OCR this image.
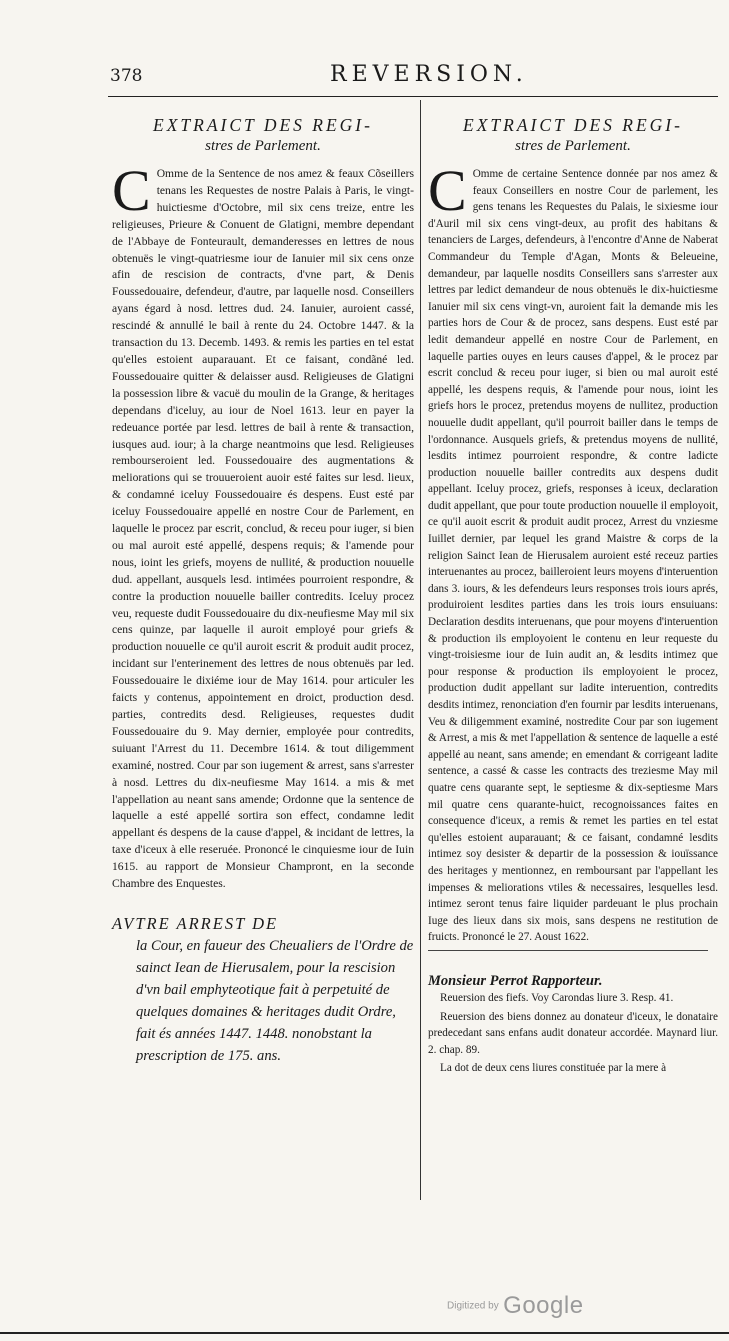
378	REVERSION.
EXTRAICT DES REGI-
stres de Parlement.
C Omme de la Sentence de nos amez & feaux Cõseillers tenans les Requestes de nostre Palais à Paris, le vingt-huictiesme d'Octobre, mil six cens treize, entre les religieuses, Prieure & Conuent de Glatigni, membre dependant de l'Abbaye de Fonteurault, demanderesses en lettres de nous obtenuës le vingt-quatriesme iour de Ianuier mil six cens onze afin de rescision de contracts, d'vne part, & Denis Foussedouaire, defendeur, d'autre, par laquelle nosd. Conseillers ayans égard à nosd. lettres dud. 24. Ianuier, auroient cassé, rescindé & annullé le bail à rente du 24. Octobre 1447. & la transaction du 13. Decemb. 1493. & remis les parties en tel estat qu'elles estoient auparauant. Et ce faisant, condãné led. Foussedouaire quitter & delaisser ausd. Religieuses de Glatigni la possession libre & vacuë du moulin de la Grange, & heritages dependans d'iceluy, au iour de Noel 1613. leur en payer la redeuance portée par lesd. lettres de bail à rente & transaction, iusques aud. iour; à la charge neantmoins que lesd. Religieuses rembourseroient led. Foussedouaire des augmentations & meliorations qui se trouueroient auoir esté faites sur lesd. lieux, & condamné iceluy Foussedouaire és despens. Eust esté par iceluy Foussedouaire appellé en nostre Cour de Parlement, en laquelle le procez par escrit, conclud, & receu pour iuger, si bien ou mal auroit esté appellé, despens requis; & l'amende pour nous, ioint les griefs, moyens de nullité, & production nouuelle dud. appellant, ausquels lesd. intimées pourroient respondre, & contre la production nouuelle bailler contredits. Iceluy procez veu, requeste dudit Foussedouaire du dix-neufiesme May mil six cens quinze, par laquelle il auroit employé pour griefs & production nouuelle ce qu'il auroit escrit & produit audit procez, incidant sur l'enterinement des lettres de nous obtenuës par led. Foussedouaire le dixiéme iour de May 1614. pour articuler les faicts y contenus, appointement en droict, production desd. parties, contredits desd. Religieuses, requestes dudit Foussedouaire du 9. May dernier, employée pour contredits, suiuant l'Arrest du 11. Decembre 1614. & tout diligemment examiné, nostred. Cour par son iugement & arrest, sans s'arrester à nosd. Lettres du dix-neufiesme May 1614. a mis & met l'appellation au neant sans amende; Ordonne que la sentence de laquelle a esté appellé sortira son effect, condamne ledit appellant és despens de la cause d'appel, & incidant de lettres, la taxe d'iceux à elle reseruée. Prononcé le cinquiesme iour de Iuin 1615. au rapport de Monsieur Champront, en la seconde Chambre des Enquestes.

AVTRE ARREST DE
la Cour, en faueur des Cheualiers de l'Ordre de sainct Iean de Hierusalem, pour la rescision d'vn bail emphyteotique fait à perpetuité de quelques domaines & heritages dudit Ordre, fait és années 1447. 1448. nonobstant la prescription de 175. ans.
EXTRAICT DES REGI-
stres de Parlement.
C Omme de certaine Sentence donnée par nos amez & feaux Conseillers en nostre Cour de parlement, les gens tenans les Requestes du Palais, le sixiesme iour d'Auril mil six cens vingt-deux, au profit des habitans & tenanciers de Larges, defendeurs, à l'encontre d'Anne de Naberat Commandeur du Temple d'Agan, Monts & Beleueine, demandeur, par laquelle nosdits Conseillers sans s'arrester aux lettres par ledict demandeur de nous obtenuës le dix-huictiesme Ianuier mil six cens vingt-vn, auroient fait la demande mis les parties hors de Cour & de procez, sans despens. Eust esté par ledit demandeur appellé en nostre Cour de Parlement, en laquelle parties ouyes en leurs causes d'appel, & le procez par escrit conclud & receu pour iuger, si bien ou mal auroit esté appellé, les despens requis, & l'amende pour nous, ioint les griefs hors le procez, pretendus moyens de nullitez, production nouuelle dudit appellant, qu'il pourroit bailler dans le temps de l'ordonnance. Ausquels griefs, & pretendus moyens de nullité, lesdits intimez pourroient respondre, & contre ladicte production nouuelle bailler contredits aux despens dudit appellant. Iceluy procez, griefs, responses à iceux, declaration dudit appellant, que pour toute production nouuelle il employoit, ce qu'il auoit escrit & produit audit procez, Arrest du vnziesme Iuillet dernier, par lequel les grand Maistre & corps de la religion Sainct Iean de Hierusalem auroient esté receuz parties interuenantes au procez, bailleroient leurs moyens d'interuention dans 3. iours, & les defendeurs leurs responses trois iours aprés, produiroient lesdites parties dans les trois iours ensuiuans: Declaration desdits interuenans, que pour moyens d'interuention & production ils employoient le contenu en leur requeste du vingt-troisiesme iour de Iuin audit an, & lesdits intimez que pour response & production ils employoient le procez, production dudit appellant sur ladite interuention, contredits desdits intimez, renonciation d'en fournir par lesdits interuenans, Veu & diligemment examiné, nostredite Cour par son iugement & Arrest, a mis & met l'appellation & sentence de laquelle a esté appellé au neant, sans amende; en emendant & corrigeant ladite sentence, a cassé & casse les contracts des treziesme May mil quatre cens quarante sept, le septiesme & dix-septiesme Mars mil quatre cens quarante-huict, recognoissances faites en consequence d'iceux, a remis & remet les parties en tel estat qu'elles estoient auparauant; & ce faisant, condamné lesdits intimez soy desister & departir de la possession & iouïssance des heritages y mentionnez, en remboursant par l'appellant les impenses & meliorations vtiles & necessaires, lesquelles lesd. intimez seront tenus faire liquider pardeuant le plus prochain Iuge des lieux dans six mois, sans despens ne restitution de fruicts. Prononcé le 27. Aoust 1622.

Monsieur Perrot Rapporteur.

Reuersion des fiefs. Voy Carondas liure 3. Resp. 41.

Reuersion des biens donnez au donateur d'iceux, le donataire predecedant sans enfans audit donateur accordée. Maynard liur. 2. chap. 89.

La dot de deux cens liures constituée par la mere à

Digitized by Google
